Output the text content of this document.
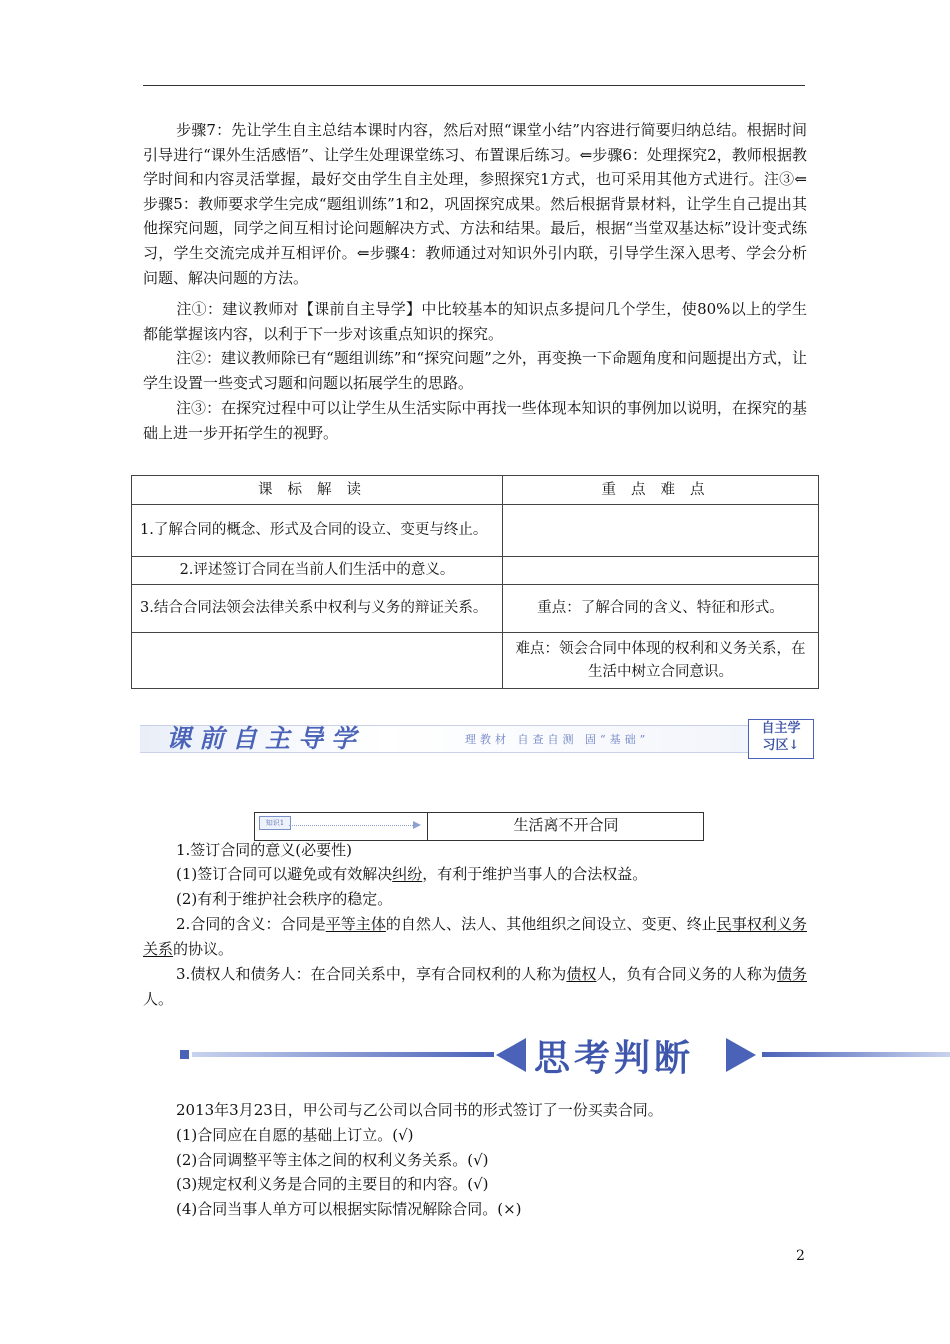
步骤7：先让学生自主总结本课时内容，然后对照“课堂小结”内容进行简要归纳总结。根据时间引导进行“课外生活感悟”、让学生处理课堂练习、布置课后练习。⇐步骤6：处理探究2，教师根据教学时间和内容灵活掌握，最好交由学生自主处理，参照探究1方式，也可采用其他方式进行。注③⇐步骤5：教师要求学生完成“题组训练”1和2，巩固探究成果。然后根据背景材料，让学生自己提出其他探究问题，同学之间互相讨论问题解决方式、方法和结果。最后，根据“当堂双基达标”设计变式练习，学生交流完成并互相评价。⇐步骤4：教师通过对知识外引内联，引导学生深入思考、学会分析问题、解决问题的方法。

注①：建议教师对【课前自主导学】中比较基本的知识点多提问几个学生，使80%以上的学生都能掌握该内容，以利于下一步对该重点知识的探究。

注②：建议教师除已有“题组训练”和“探究问题”之外，再变换一下命题角度和问题提出方式，让学生设置一些变式习题和问题以拓展学生的思路。

注③：在探究过程中可以让学生从生活实际中再找一些体现本知识的事例加以说明，在探究的基础上进一步开拓学生的视野。

课标解读	重点难点
1.了解合同的概念、形式及合同的设立、变更与终止。	
2.评述签订合同在当前人们生活中的意义。	
3.结合合同法领会法律关系中权利与义务的辩证关系。	重点：了解合同的含义、特征和形式。
	难点：领会合同中体现的权利和义务关系，在生活中树立合同意识。
课前自主导学	理教材 自查自测 固“基础”
自主学
习区↓
知识1	生活离不开合同

1.签订合同的意义(必要性)

(1)签订合同可以避免或有效解决纠纷，有利于维护当事人的合法权益。

(2)有利于维护社会秩序的稳定。

2.合同的含义：合同是平等主体的自然人、法人、其他组织之间设立、变更、终止民事权利义务关系的协议。

3.债权人和债务人：在合同关系中，享有合同权利的人称为债权人，负有合同义务的人称为债务人。

思考判断

2013年3月23日，甲公司与乙公司以合同书的形式签订了一份买卖合同。

(1)合同应在自愿的基础上订立。(√)

(2)合同调整平等主体之间的权利义务关系。(√)

(3)规定权利义务是合同的主要目的和内容。(√)

(4)合同当事人单方可以根据实际情况解除合同。(×)

2
